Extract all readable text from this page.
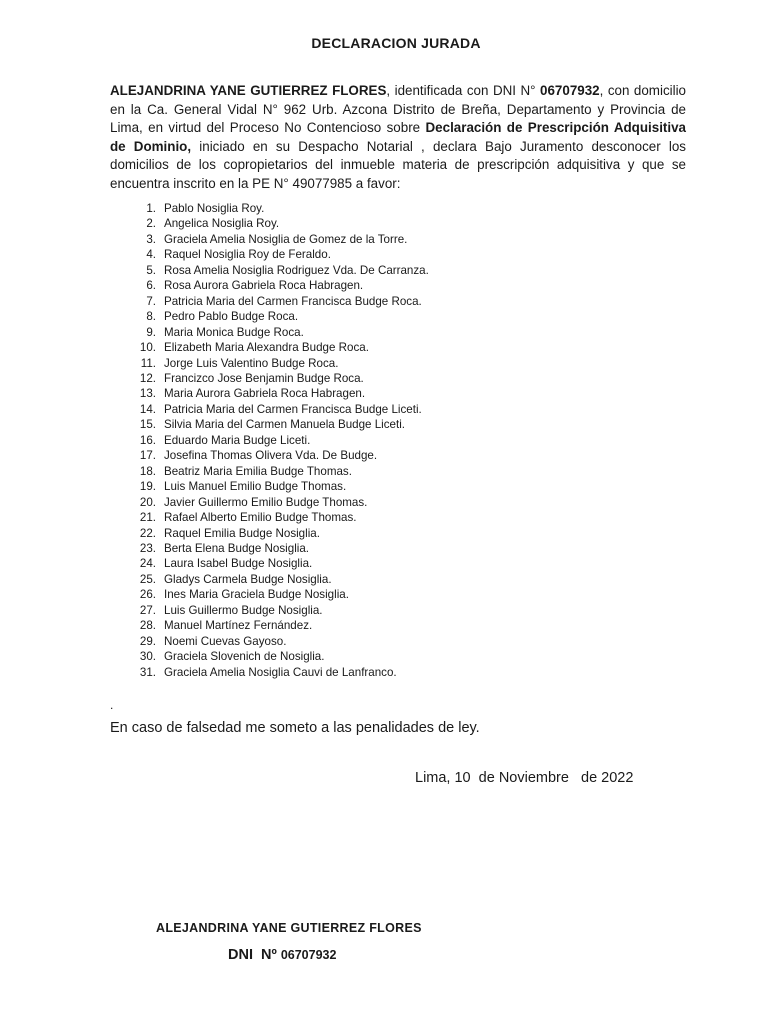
DECLARACION JURADA
ALEJANDRINA YANE GUTIERREZ FLORES, identificada con DNI N° 06707932, con domicilio en la Ca. General Vidal N° 962 Urb. Azcona Distrito de Breña, Departamento y Provincia de Lima, en virtud del Proceso No Contencioso sobre Declaración de Prescripción Adquisitiva de Dominio, iniciado en su Despacho Notarial , declara Bajo Juramento desconocer los domicilios de los copropietarios del inmueble materia de prescripción adquisitiva y que se encuentra inscrito en la PE N° 49077985 a favor:
1. Pablo Nosiglia Roy.
2. Angelica Nosiglia Roy.
3. Graciela Amelia Nosiglia de Gomez de la Torre.
4. Raquel Nosiglia Roy de Feraldo.
5. Rosa Amelia Nosiglia Rodriguez Vda. De Carranza.
6. Rosa Aurora Gabriela Roca Habragen.
7. Patricia Maria del Carmen Francisca Budge Roca.
8. Pedro Pablo Budge Roca.
9. Maria Monica Budge Roca.
10. Elizabeth Maria Alexandra Budge Roca.
11. Jorge Luis Valentino Budge Roca.
12. Francizco Jose Benjamin Budge Roca.
13. Maria Aurora Gabriela Roca Habragen.
14. Patricia Maria del Carmen Francisca Budge Liceti.
15. Silvia Maria del Carmen Manuela Budge Liceti.
16. Eduardo Maria Budge Liceti.
17. Josefina Thomas Olivera Vda. De Budge.
18. Beatriz Maria Emilia Budge Thomas.
19. Luis Manuel Emilio Budge Thomas.
20. Javier Guillermo Emilio Budge Thomas.
21. Rafael Alberto Emilio Budge Thomas.
22. Raquel Emilia Budge Nosiglia.
23. Berta Elena Budge Nosiglia.
24. Laura Isabel Budge Nosiglia.
25. Gladys Carmela Budge Nosiglia.
26. Ines Maria Graciela Budge Nosiglia.
27. Luis Guillermo Budge Nosiglia.
28. Manuel Martínez Fernández.
29. Noemi Cuevas Gayoso.
30. Graciela Slovenich de Nosiglia.
31. Graciela Amelia Nosiglia Cauvi de Lanfranco.
.
En caso de falsedad me someto a las penalidades de ley.
Lima, 10  de Noviembre   de 2022
ALEJANDRINA YANE GUTIERREZ FLORES
DNI  Nº 06707932
